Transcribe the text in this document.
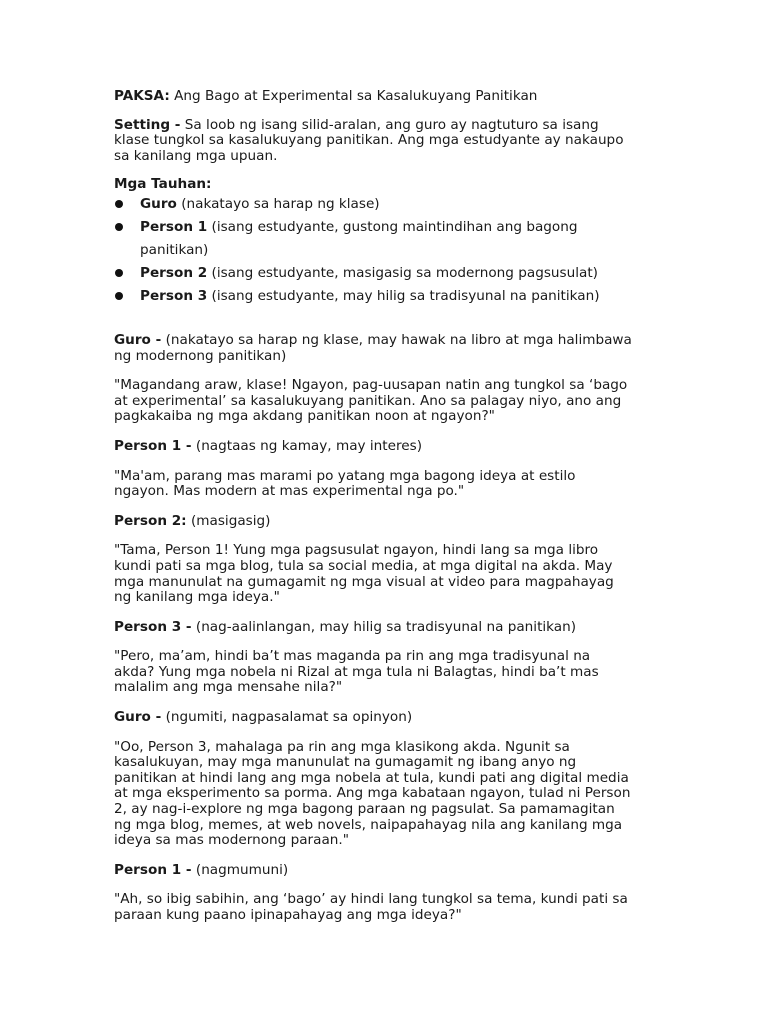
PAKSA: Ang Bago at Experimental sa Kasalukuyang Panitikan

Setting - Sa loob ng isang silid-aralan, ang guro ay nagtuturo sa isang klase tungkol sa kasalukuyang panitikan. Ang mga estudyante ay nakaupo sa kanilang mga upuan.

Mga Tauhan:

Guro (nakatayo sa harap ng klase)
Person 1 (isang estudyante, gustong maintindihan ang bagong
panitikan)
Person 2 (isang estudyante, masigasig sa modernong pagsusulat)
Person 3 (isang estudyante, may hilig sa tradisyunal na panitikan)

Guro - (nakatayo sa harap ng klase, may hawak na libro at mga halimbawa ng modernong panitikan)

"Magandang araw, klase! Ngayon, pag-uusapan natin ang tungkol sa ‘bago at experimental’ sa kasalukuyang panitikan. Ano sa palagay niyo, ano ang pagkakaiba ng mga akdang panitikan noon at ngayon?"

Person 1 - (nagtaas ng kamay, may interes)

"Ma'am, parang mas marami po yatang mga bagong ideya at estilo ngayon. Mas modern at mas experimental nga po."

Person 2: (masigasig)

"Tama, Person 1! Yung mga pagsusulat ngayon, hindi lang sa mga libro kundi pati sa mga blog, tula sa social media, at mga digital na akda. May mga manunulat na gumagamit ng mga visual at video para magpahayag ng kanilang mga ideya."

Person 3 - (nag-aalinlangan, may hilig sa tradisyunal na panitikan)

"Pero, ma’am, hindi ba’t mas maganda pa rin ang mga tradisyunal na akda? Yung mga nobela ni Rizal at mga tula ni Balagtas, hindi ba’t mas malalim ang mga mensahe nila?"

Guro - (ngumiti, nagpasalamat sa opinyon)

"Oo, Person 3, mahalaga pa rin ang mga klasikong akda. Ngunit sa kasalukuyan, may mga manunulat na gumagamit ng ibang anyo ng panitikan at hindi lang ang mga nobela at tula, kundi pati ang digital media at mga eksperimento sa porma. Ang mga kabataan ngayon, tulad ni Person 2, ay nag-i-explore ng mga bagong paraan ng pagsulat. Sa pamamagitan ng mga blog, memes, at web novels, naipapahayag nila ang kanilang mga ideya sa mas modernong paraan."

Person 1 - (nagmumuni)

"Ah, so ibig sabihin, ang ‘bago’ ay hindi lang tungkol sa tema, kundi pati sa paraan kung paano ipinapahayag ang mga ideya?"
